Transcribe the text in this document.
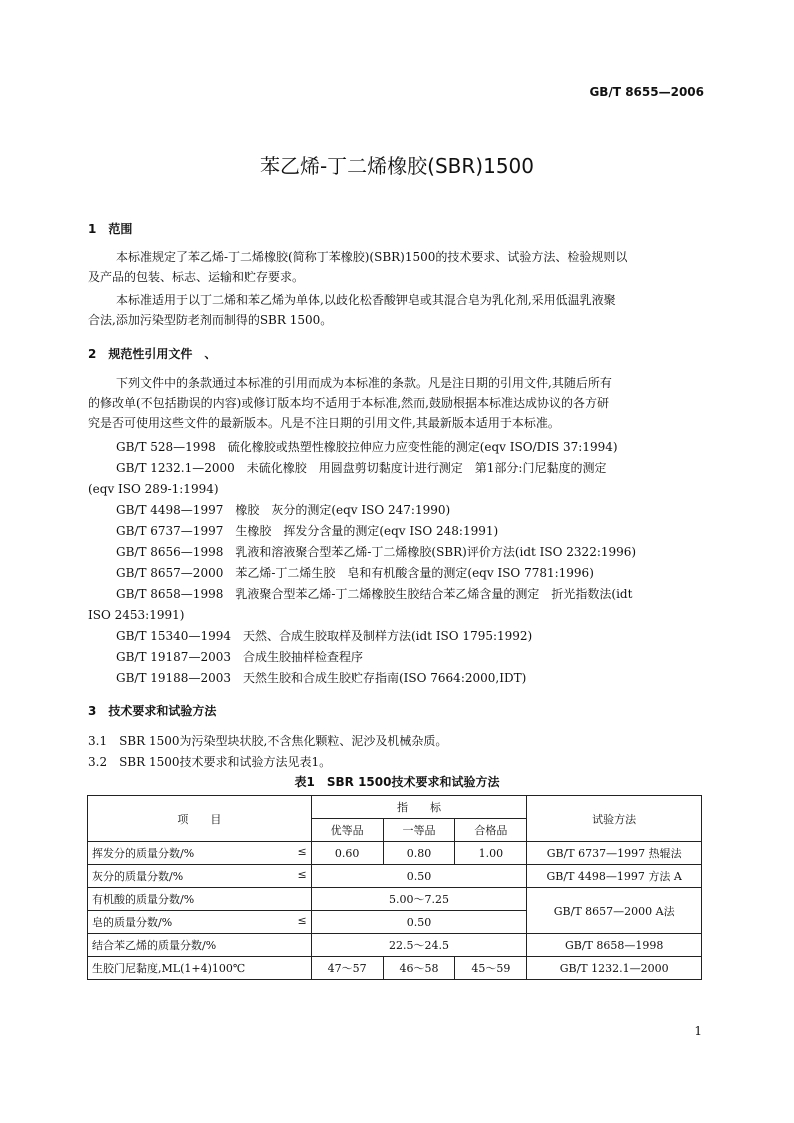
GB/T 8655—2006
苯乙烯-丁二烯橡胶(SBR)1500
1　范围
本标准规定了苯乙烯-丁二烯橡胶(简称丁苯橡胶)(SBR)1500的技术要求、试验方法、检验规则以
及产品的包装、标志、运输和贮存要求。
本标准适用于以丁二烯和苯乙烯为单体,以歧化松香酸钾皂或其混合皂为乳化剂,采用低温乳液聚
合法,添加污染型防老剂而制得的SBR 1500。
2　规范性引用文件　、
下列文件中的条款通过本标准的引用而成为本标准的条款。凡是注日期的引用文件,其随后所有
的修改单(不包括勘误的内容)或修订版本均不适用于本标准,然而,鼓励根据本标准达成协议的各方研
究是否可使用这些文件的最新版本。凡是不注日期的引用文件,其最新版本适用于本标准。
GB/T 528—1998　硫化橡胶或热塑性橡胶拉伸应力应变性能的测定(eqv ISO/DIS 37:1994)
GB/T 1232.1—2000　未硫化橡胶　用圆盘剪切黏度计进行测定　第1部分:门尼黏度的测定
(eqv ISO 289-1:1994)
GB/T 4498—1997　橡胶　灰分的测定(eqv ISO 247:1990)
GB/T 6737—1997　生橡胶　挥发分含量的测定(eqv ISO 248:1991)
GB/T 8656—1998　乳液和溶液聚合型苯乙烯-丁二烯橡胶(SBR)评价方法(idt ISO 2322:1996)
GB/T 8657—2000　苯乙烯-丁二烯生胶　皂和有机酸含量的测定(eqv ISO 7781:1996)
GB/T 8658—1998　乳液聚合型苯乙烯-丁二烯橡胶生胶结合苯乙烯含量的测定　折光指数法(idt
ISO 2453:1991)
GB/T 15340—1994　天然、合成生胶取样及制样方法(idt ISO 1795:1992)
GB/T 19187—2003　合成生胶抽样检查程序
GB/T 19188—2003　天然生胶和合成生胶贮存指南(ISO 7664:2000,IDT)
3　技术要求和试验方法
3.1　SBR 1500为污染型块状胶,不含焦化颗粒、泥沙及机械杂质。
3.2　SBR 1500技术要求和试验方法见表1。
表1　SBR 1500技术要求和试验方法
项　　目	指　　标			试验方法
	优等品	一等品	合格品	
挥发分的质量分数/% ≤	0.60	0.80	1.00	GB/T 6737—1997 热辊法
灰分的质量分数/% ≤	0.50			GB/T 4498—1997 方法 A
有机酸的质量分数/%	5.00～7.25			GB/T 8657—2000 A法
皂的质量分数/% ≤	0.50			
结合苯乙烯的质量分数/%	22.5～24.5			GB/T 8658—1998
生胶门尼黏度,ML(1+4)100℃	47～57	46～58	45～59	GB/T 1232.1—2000
1
